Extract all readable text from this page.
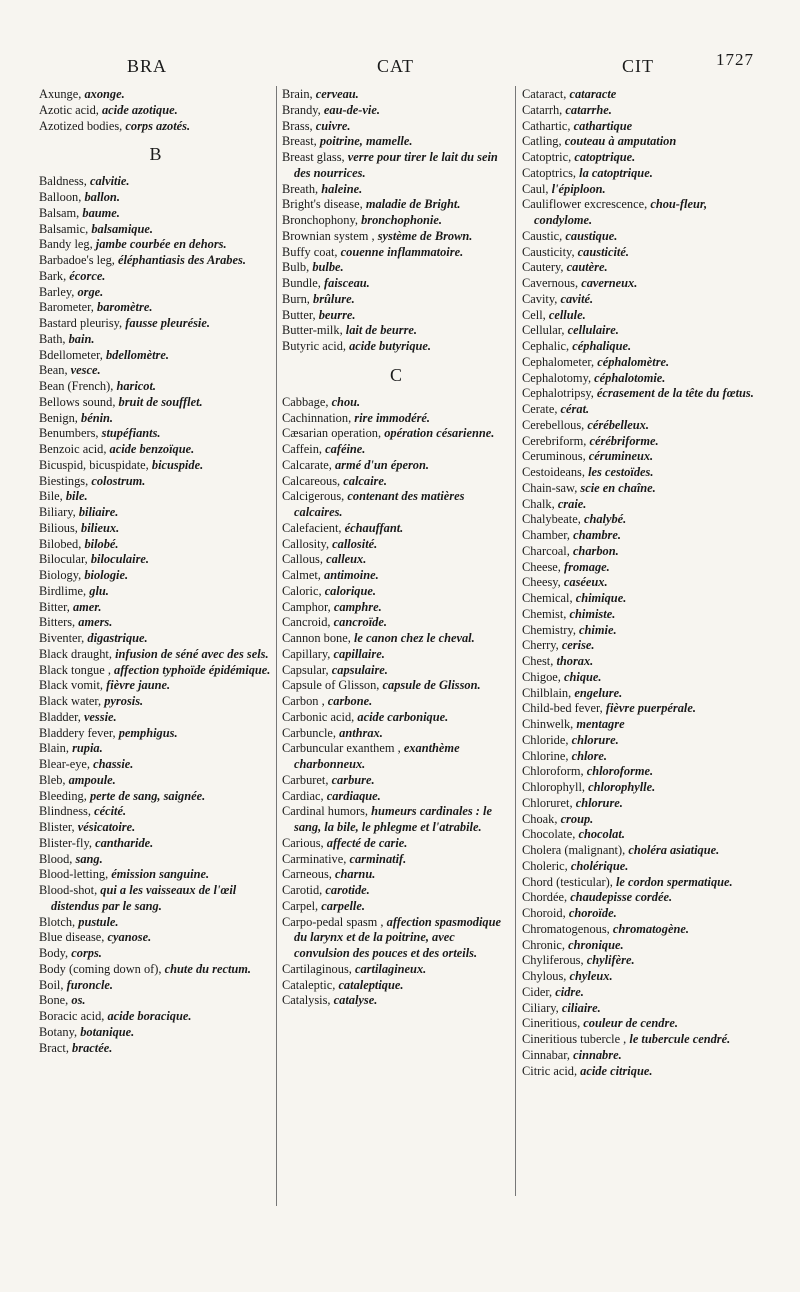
BRA	CAT	CIT	1727
Axunge, axonge.
Azotic acid, acide azotique.
Azotized bodies, corps azotés.
B
Baldness, calvitie.
Balloon, ballon.
Balsam, baume.
Balsamic, balsamique.
Bandy leg, jambe courbée en dehors.
Barbadoe's leg, éléphantiasis des Arabes.
Bark, écorce.
Barley, orge.
Barometer, baromètre.
Bastard pleurisy, fausse pleurésie.
Bath, bain.
Bdellometer, bdellomètre.
Bean, vesce.
Bean (French), haricot.
Bellows sound, bruit de soufflet.
Benign, bénin.
Benumbers, stupéfiants.
Benzoic acid, acide benzoïque.
Bicuspid, bicuspidate, bicuspide.
Biestings, colostrum.
Bile, bile.
Biliary, biliaire.
Bilious, bilieux.
Bilobed, bilobé.
Bilocular, biloculaire.
Biology, biologie.
Birdlime, glu.
Bitter, amer.
Bitters, amers.
Biventer, digastrique.
Black draught, infusion de séné avec des sels.
Black tongue , affection typhoïde épidémique.
Black vomit, fièvre jaune.
Black water, pyrosis.
Bladder, vessie.
Bladdery fever, pemphigus.
Blain, rupia.
Blear-eye, chassie.
Bleb, ampoule.
Bleeding, perte de sang, saignée.
Blindness, cécité.
Blister, vésicatoire.
Blister-fly, cantharide.
Blood, sang.
Blood-letting, émission sanguine.
Blood-shot, qui a les vaisseaux de l'œil distendus par le sang.
Blotch, pustule.
Blue disease, cyanose.
Body, corps.
Body (coming down of), chute du rectum.
Boil, furoncle.
Bone, os.
Boracic acid, acide boracique.
Botany, botanique.
Bract, bractée.
Brain, cerveau.
Brandy, eau-de-vie.
Brass, cuivre.
Breast, poitrine, mamelle.
Breast glass, verre pour tirer le lait du sein des nourrices.
Breath, haleine.
Bright's disease, maladie de Bright.
Bronchophony, bronchophonie.
Brownian system , système de Brown.
Buffy coat, couenne inflammatoire.
Bulb, bulbe.
Bundle, faisceau.
Burn, brûlure.
Butter, beurre.
Butter-milk, lait de beurre.
Butyric acid, acide butyrique.
C
Cabbage, chou.
Cachinnation, rire immodéré.
Cæsarian operation, opération césarienne.
Caffein, caféine.
Calcarate, armé d'un éperon.
Calcareous, calcaire.
Calcigerous, contenant des matières calcaires.
Calefacient, échauffant.
Callosity, callosité.
Callous, calleux.
Calmet, antimoine.
Caloric, calorique.
Camphor, camphre.
Cancroid, cancroïde.
Cannon bone, le canon chez le cheval.
Capillary, capillaire.
Capsular, capsulaire.
Capsule of Glisson, capsule de Glisson.
Carbon , carbone.
Carbonic acid, acide carbonique.
Carbuncle, anthrax.
Carbuncular exanthem , exanthème charbonneux.
Carburet, carbure.
Cardiac, cardiaque.
Cardinal humors, humeurs cardinales : le sang, la bile, le phlegme et l'atrabile.
Carious, affecté de carie.
Carminative, carminatif.
Carneous, charnu.
Carotid, carotide.
Carpel, carpelle.
Carpo-pedal spasm , affection spasmodique du larynx et de la poitrine, avec convulsion des pouces et des orteils.
Cartilaginous, cartilagineux.
Cataleptic, cataleptique.
Catalysis, catalyse.
Cataract, cataracte
Catarrh, catarrhe.
Cathartic, cathartique
Catling, couteau à amputation
Catoptric, catoptrique.
Catoptrics, la catoptrique.
Caul, l'épiploon.
Cauliflower excrescence, chou-fleur, condylome.
Caustic, caustique.
Causticity, causticité.
Cautery, cautère.
Cavernous, caverneux.
Cavity, cavité.
Cell, cellule.
Cellular, cellulaire.
Cephalic, céphalique.
Cephalometer, céphalomètre.
Cephalotomy, céphalotomie.
Cephalotripsy, écrasement de la tête du fœtus.
Cerate, cérat.
Cerebellous, cérébelleux.
Cerebriform, cérébriforme.
Ceruminous, cérumineux.
Cestoideans, les cestoïdes.
Chain-saw, scie en chaîne.
Chalk, craie.
Chalybeate, chalybé.
Chamber, chambre.
Charcoal, charbon.
Cheese, fromage.
Cheesy, caséeux.
Chemical, chimique.
Chemist, chimiste.
Chemistry, chimie.
Cherry, cerise.
Chest, thorax.
Chigoe, chique.
Chilblain, engelure.
Child-bed fever, fièvre puerpérale.
Chinwelk, mentagre
Chloride, chlorure.
Chlorine, chlore.
Chloroform, chloroforme.
Chlorophyll, chlorophylle.
Chloruret, chlorure.
Choak, croup.
Chocolate, chocolat.
Cholera (malignant), choléra asiatique.
Choleric, cholérique.
Chord (testicular), le cordon spermatique.
Chordée, chaudepisse cordée.
Choroid, choroïde.
Chromatogenous, chromatogène.
Chronic, chronique.
Chyliferous, chylifère.
Chylous, chyleux.
Cider, cidre.
Ciliary, ciliaire.
Cineritious, couleur de cendre.
Cineritious tubercle , le tubercule cendré.
Cinnabar, cinnabre.
Citric acid, acide citrique.
